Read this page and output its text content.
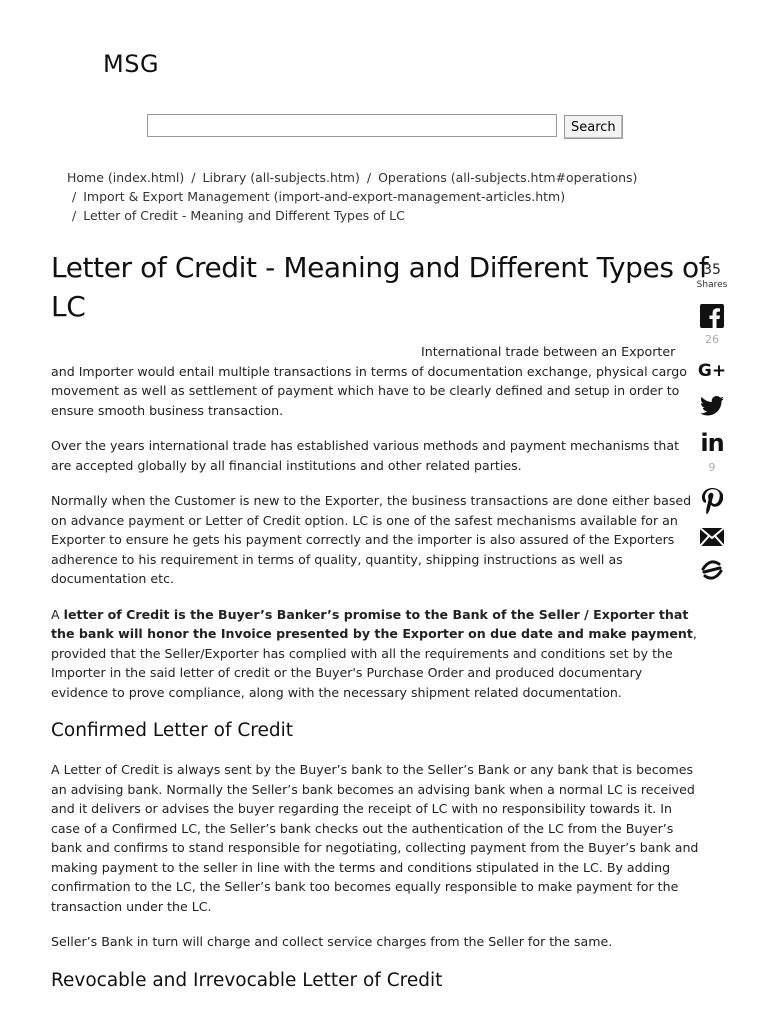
MSG
Search
Home (index.html) / Library (all-subjects.htm) / Operations (all-subjects.htm#operations)
/ Import & Export Management (import-and-export-management-articles.htm)
/ Letter of Credit - Meaning and Different Types of LC
Letter of Credit - Meaning and Different Types of LC

International trade between an Exporter and Importer would entail multiple transactions in terms of documentation exchange, physical cargo movement as well as settlement of payment which have to be clearly defined and setup in order to ensure smooth business transaction.

Over the years international trade has established various methods and payment mechanisms that are accepted globally by all financial institutions and other related parties.

Normally when the Customer is new to the Exporter, the business transactions are done either based on advance payment or Letter of Credit option. LC is one of the safest mechanisms available for an Exporter to ensure he gets his payment correctly and the importer is also assured of the Exporters adherence to his requirement in terms of quality, quantity, shipping instructions as well as documentation etc.

A letter of Credit is the Buyer’s Banker’s promise to the Bank of the Seller / Exporter that the bank will honor the Invoice presented by the Exporter on due date and make payment, provided that the Seller/Exporter has complied with all the requirements and conditions set by the Importer in the said letter of credit or the Buyer's Purchase Order and produced documentary evidence to prove compliance, along with the necessary shipment related documentation.

Confirmed Letter of Credit

A Letter of Credit is always sent by the Buyer’s bank to the Seller’s Bank or any bank that is becomes an advising bank. Normally the Seller’s bank becomes an advising bank when a normal LC is received and it delivers or advises the buyer regarding the receipt of LC with no responsibility towards it. In case of a Confirmed LC, the Seller’s bank checks out the authentication of the LC from the Buyer’s bank and confirms to stand responsible for negotiating, collecting payment from the Buyer’s bank and making payment to the seller in line with the terms and conditions stipulated in the LC. By adding confirmation to the LC, the Seller’s bank too becomes equally responsible to make payment for the transaction under the LC.

Seller’s Bank in turn will charge and collect service charges from the Seller for the same.

Revocable and Irrevocable Letter of Credit
35
Shares
26
G+
in
9
